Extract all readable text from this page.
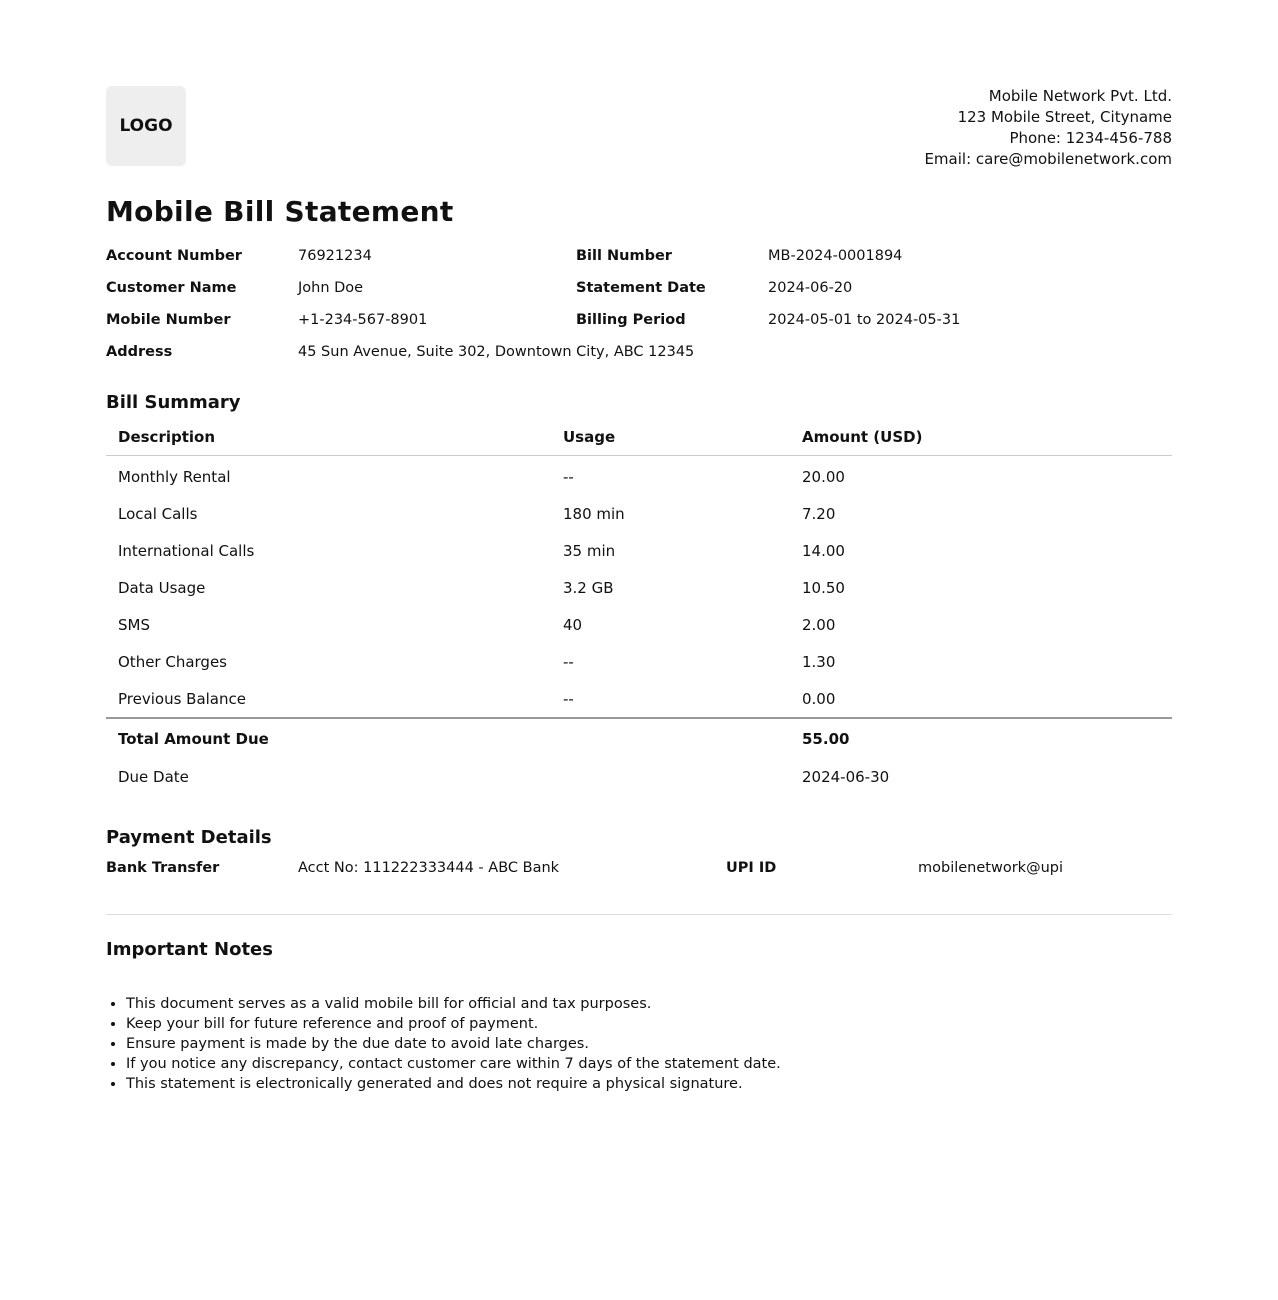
LOGO
Mobile Network Pvt. Ltd.
123 Mobile Street, Cityname
Phone: 1234-456-788
Email: care@mobilenetwork.com
Mobile Bill Statement
Account Number	76921234	Bill Number	MB-2024-0001894
Customer Name	John Doe	Statement Date	2024-06-20
Mobile Number	+1-234-567-8901	Billing Period	2024-05-01 to 2024-05-31
Address	45 Sun Avenue, Suite 302, Downtown City, ABC 12345
Bill Summary
Description	Usage	Amount (USD)
Monthly Rental	--	20.00
Local Calls	180 min	7.20
International Calls	35 min	14.00
Data Usage	3.2 GB	10.50
SMS	40	2.00
Other Charges	--	1.30
Previous Balance	--	0.00
Total Amount Due		55.00
Due Date		2024-06-30
Payment Details
Bank Transfer	Acct No: 111222333444 - ABC Bank	UPI ID	mobilenetwork@upi
Important Notes
• This document serves as a valid mobile bill for official and tax purposes.
• Keep your bill for future reference and proof of payment.
• Ensure payment is made by the due date to avoid late charges.
• If you notice any discrepancy, contact customer care within 7 days of the statement date.
• This statement is electronically generated and does not require a physical signature.
